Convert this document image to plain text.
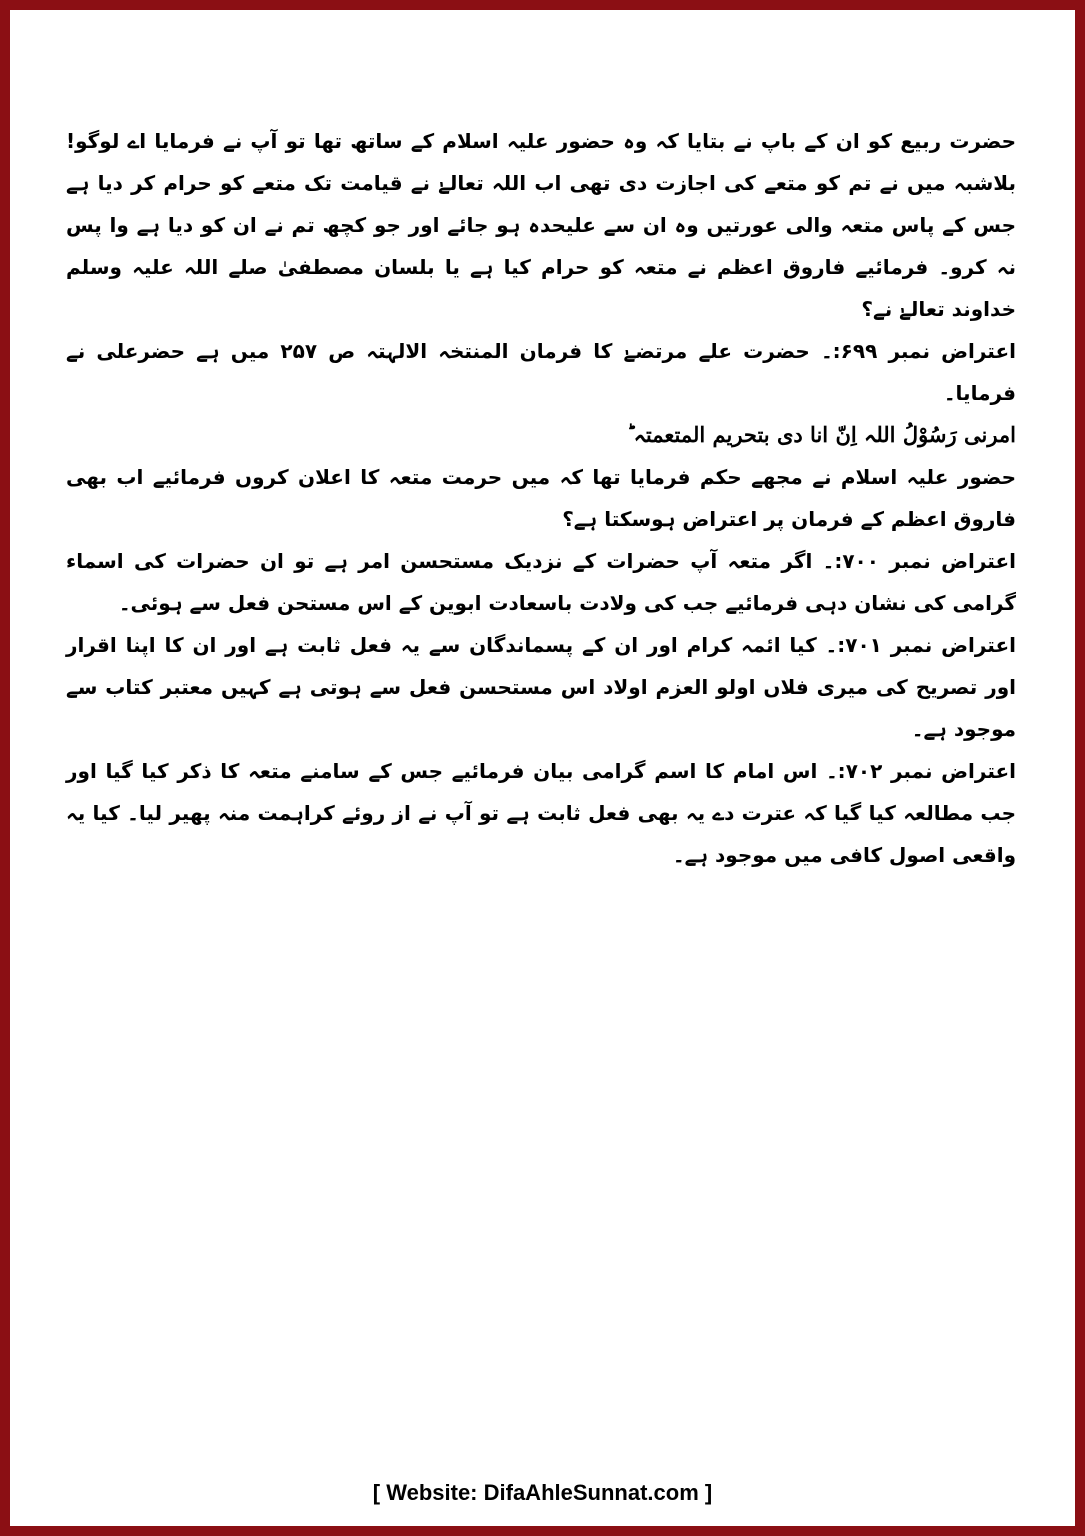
حضرت ربیع کو ان کے باپ نے بتایا کہ وہ حضور علیہ اسلام کے ساتھ تھا تو آپ نے فرمایا اے لوگو! بلاشبہ میں نے تم کو متعے کی اجازت دی تھی اب اللہ تعالےٰ نے قیامت تک متعے کو حرام کر دیا ہے جس کے پاس متعہ والی عورتیں وہ ان سے علیحدہ ہو جائے اور جو کچھ تم نے ان کو دیا ہے وا پس نہ کرو۔ فرمائیے فاروق اعظم نے متعہ کو حرام کیا ہے یا بلسان مصطفیٰ صلے اللہ علیہ وسلم خداوند تعالےٰ نے؟

اعتراض نمبر ۶۹۹:۔ حضرت علے مرتضےٰ کا فرمان المنتخہ الالہتہ ص ۲۵۷ میں ہے حضرعلی نے فرمایا۔

امرنی رَسُوْلُ اللہ اِنّ انا دی بتحریم المتعمتہ ؕ

حضور علیہ اسلام نے مجھے حکم فرمایا تھا کہ میں حرمت متعہ کا اعلان کروں فرمائیے اب بھی فاروق اعظم کے فرمان پر اعتراض ہوسکتا ہے؟

اعتراض نمبر ۷۰۰:۔ اگر متعہ آپ حضرات کے نزدیک مستحسن امر ہے تو ان حضرات کی اسماء گرامی کی نشان دہی فرمائیے جب کی ولادت باسعادت ابوین کے اس مستحن فعل سے ہوئی۔

اعتراض نمبر ۷۰۱:۔ کیا ائمہ کرام اور ان کے پسماندگان سے یہ فعل ثابت ہے اور ان کا اپنا اقرار اور تصریح کی میری فلاں اولو العزم اولاد اس مستحسن فعل سے ہوتی ہے کہیں معتبر کتاب سے موجود ہے۔

اعتراض نمبر ۷۰۲:۔ اس امام کا اسم گرامی بیان فرمائیے جس کے سامنے متعہ کا ذکر کیا گیا اور جب مطالعہ کیا گیا کہ عترت دے یہ بھی فعل ثابت ہے تو آپ نے از روئے کراہمت منہ پھیر لیا۔ کیا یہ واقعی اصول کافی میں موجود ہے۔

[ Website: DifaAhleSunnat.com ]
